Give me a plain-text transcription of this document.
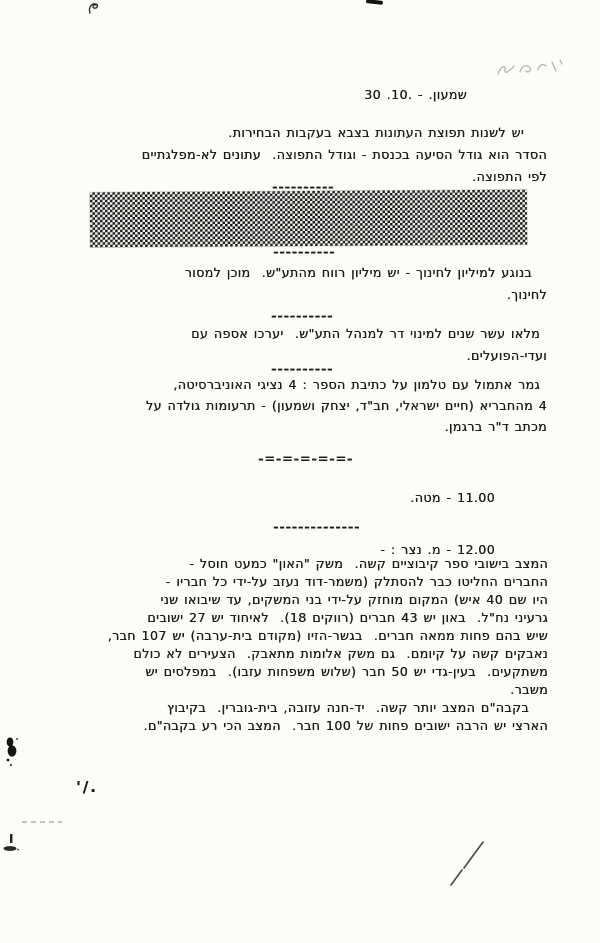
30 .10. - שמעון.‏
יש לשנות תפוצת העתונות בצבא בעקבות הבחירות.
הסדר הוא גודל הסיעה בכנסת - וגודל התפוצה.  עתונים לא-מפלגתיים
לפי התפוצה.
----------
----------
בנוגע למיליון לחינוך - יש מיליון רווח מהתע"ש.  מוכן למסור
לחינוך.
----------
מלאו עשר שנים למינוי דר למנהל התע"ש.  יערכו אספה עם
ועדי-הפועלים.
----------
גמר אתמול עם טלמון על כתיבת הספר : 4 נציגי האוניברסיטה,
4 מהחבריא (חיים ישראלי, חב"ד, יצחק ושמעון) - תרעומות גולדה על
מכתב ד"ר ברגמן.
-=-=-=-=-=-
11.00 - מטה.
--------------
12.00 - מ. נצר : -
המצב בישובי ספר קיבוציים קשה.  משק "האון" כמעט חוסל -
החברים החליטו כבר להסתלק (משמר-דוד נעזב על-ידי כל חבריו -
היו שם 40 איש) המקום מוחזק על-ידי בני המשקים, עד שיבואו שני
גרעיני נח"ל.  באון יש 43 חברים (רווקים 18).  לאיחוד יש 27 ישובים
שיש בהם פחות ממאה חברים.  בגשר-הזיו (מקודם בית-ערבה) יש 107 חבר,
נאבקים קשה על קיומם.  גם משק אלומות מתאבק.  הצעירים לא כולם
משתקעים.  בעין-גדי יש 50 חבר (שלוש משפחות עזבו).  במפלסים יש
משבר.
בקבה"ם המצב יותר קשה.  יד-חנה עזובה, בית-גוברין.  בקיבוץ
הארצי יש הרבה ישובים פחות של 100 חבר.  המצב הכי רע בקבה"ם.
'/.
